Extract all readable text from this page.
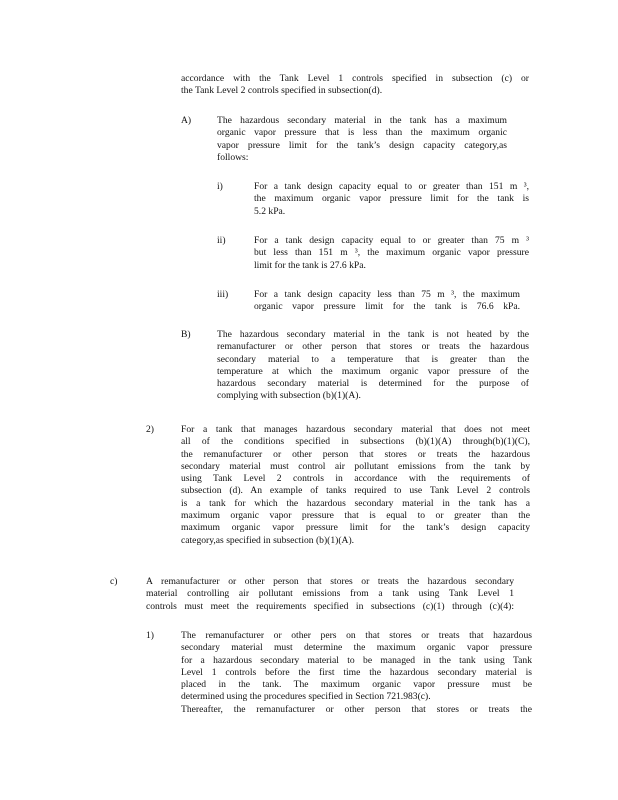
accordance with the Tank Level 1 controls specified in subsection (c) or
the Tank Level 2 controls specified in subsection(d).
A)	The hazardous secondary material in the tank has a maximum
organic vapor pressure that is less than the maximum organic
vapor pressure limit for the tank’s design capacity category,as
follows:
i)	For a tank design capacity equal to or greater than 151 m ³,
the maximum organic vapor pressure limit for the tank is
5.2 kPa.
ii)	For a tank design capacity equal to or greater than 75 m ³
but less than 151 m ³, the maximum organic vapor pressure
limit for the tank is 27.6 kPa.
iii)	For a tank design capacity less than 75 m ³, the maximum
organic vapor pressure limit for the tank is 76.6 kPa.
B)	The hazardous secondary material in the tank is not heated by the
remanufacturer or other person that stores or treats the hazardous
secondary material to a temperature that is greater than the
temperature at which the maximum organic vapor pressure of the
hazardous secondary material is determined for the purpose of
complying with subsection (b)(1)(A).
2)	For a tank that manages hazardous secondary material that does not meet
all of the conditions specified in subsections (b)(1)(A) through(b)(1)(C),
the remanufacturer or other person that stores or treats the hazardous
secondary material must control air pollutant emissions from the tank by
using Tank Level 2 controls in accordance with the requirements of
subsection (d). An example of tanks required to use Tank Level 2 controls
is a tank for which the hazardous secondary material in the tank has a
maximum organic vapor pressure that is equal to or greater than the
maximum organic vapor pressure limit for the tank’s design capacity
category,as specified in subsection (b)(1)(A).
c)	A remanufacturer or other person that stores or treats the hazardous secondary
material controlling air pollutant emissions from a tank using Tank Level 1
controls must meet the requirements specified in subsections (c)(1) through (c)(4):
1)	The remanufacturer or other pers on that stores or treats that hazardous
secondary material must determine the maximum organic vapor pressure
for a hazardous secondary material to be managed in the tank using Tank
Level 1 controls before the first time the hazardous secondary material is
placed in the tank. The maximum organic vapor pressure must be
determined using the procedures specified in Section 721.983(c).
Thereafter, the remanufacturer or other person that stores or treats the
